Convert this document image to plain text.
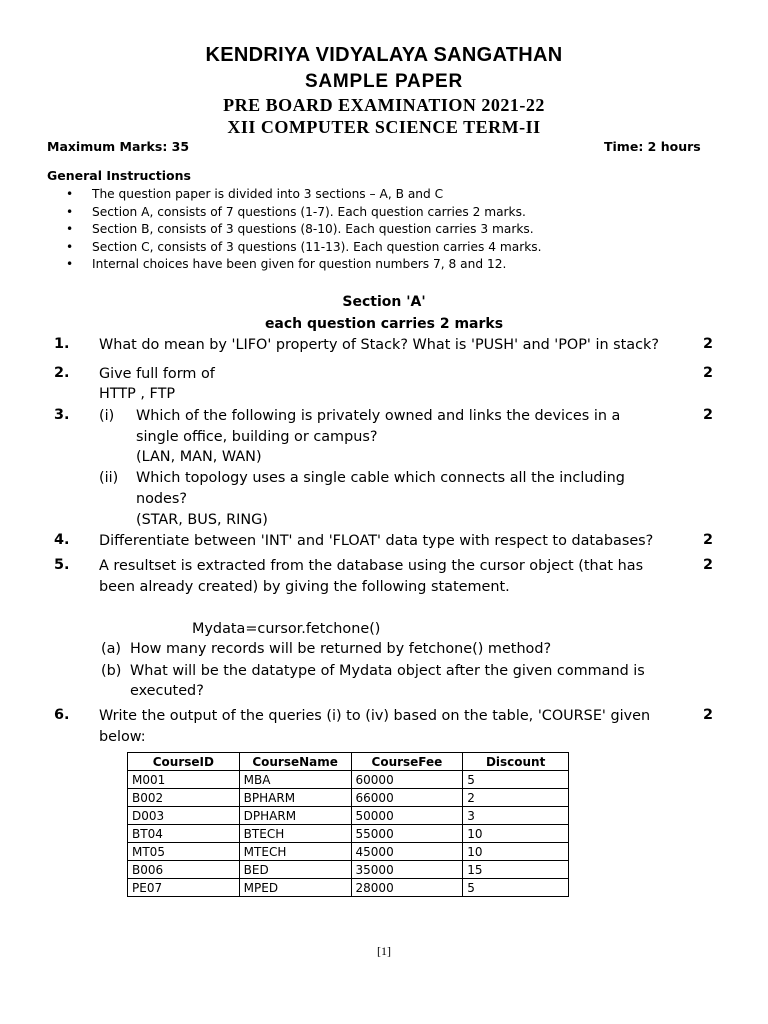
KENDRIYA VIDYALAYA SANGATHAN
SAMPLE PAPER
PRE BOARD EXAMINATION 2021-22
XII COMPUTER SCIENCE TERM-II
Maximum Marks: 35	Time: 2 hours
General Instructions
• The question paper is divided into 3 sections – A, B and C
• Section A, consists of 7 questions (1-7). Each question carries 2 marks.
• Section B, consists of 3 questions (8-10). Each question carries 3 marks.
• Section C, consists of 3 questions (11-13). Each question carries 4 marks.
• Internal choices have been given for question numbers 7, 8 and 12.
Section 'A'
each question carries 2 marks
1. What do mean by 'LIFO' property of Stack? What is 'PUSH' and 'POP' in stack?	2
2. Give full form of
HTTP , FTP
2
3. (i) Which of the following is privately owned and links the devices in a
single office, building or campus?
(LAN, MAN, WAN)
(ii) Which topology uses a single cable which connects all the including
nodes?
(STAR, BUS, RING)
2
4. Differentiate between 'INT' and 'FLOAT' data type with respect to databases?	2
5. A resultset is extracted from the database using the cursor object (that has
been already created) by giving the following statement.
Mydata=cursor.fetchone()
(a) How many records will be returned by fetchone() method?
(b) What will be the datatype of Mydata object after the given command is
executed?
2
6. Write the output of the queries (i) to (iv) based on the table, 'COURSE' given
below:
2
CourseID	CourseName	CourseFee	Discount
M001	MBA	60000	5
B002	BPHARM	66000	2
D003	DPHARM	50000	3
BT04	BTECH	55000	10
MT05	MTECH	45000	10
B006	BED	35000	15
PE07	MPED	28000	5
[1]
